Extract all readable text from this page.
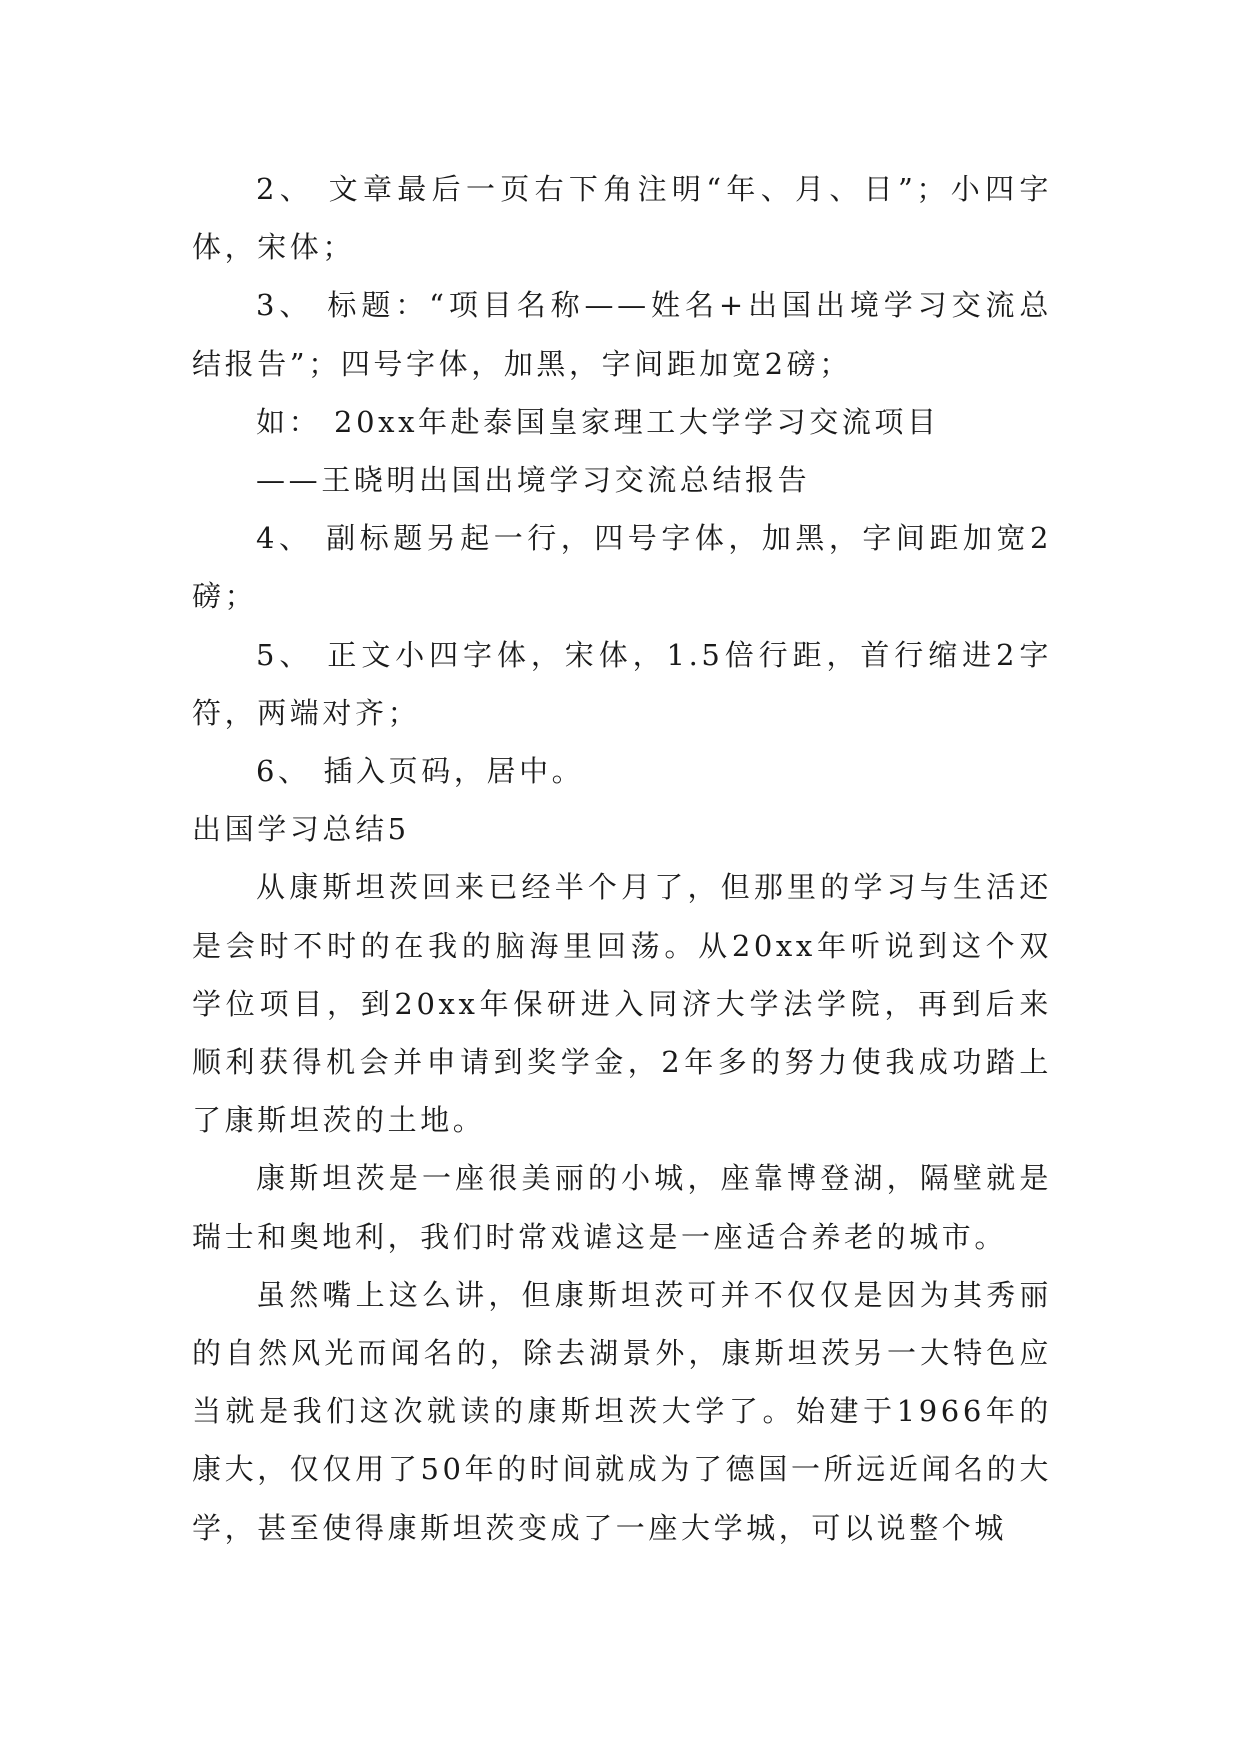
2、 文章最后一页右下角注明“年、月、日”；小四字体，宋体；

3、 标题：“项目名称——姓名+出国出境学习交流总结报告”；四号字体，加黑，字间距加宽2磅；

如： 20xx年赴泰国皇家理工大学学习交流项目

——王晓明出国出境学习交流总结报告

4、 副标题另起一行，四号字体，加黑，字间距加宽2磅；

5、 正文小四字体，宋体，1.5倍行距，首行缩进2字符，两端对齐；

6、 插入页码，居中。

出国学习总结5

从康斯坦茨回来已经半个月了，但那里的学习与生活还是会时不时的在我的脑海里回荡。从20xx年听说到这个双学位项目，到20xx年保研进入同济大学法学院，再到后来顺利获得机会并申请到奖学金，2年多的努力使我成功踏上了康斯坦茨的土地。

康斯坦茨是一座很美丽的小城，座靠博登湖，隔壁就是瑞士和奥地利，我们时常戏谑这是一座适合养老的城市。

虽然嘴上这么讲，但康斯坦茨可并不仅仅是因为其秀丽的自然风光而闻名的，除去湖景外，康斯坦茨另一大特色应当就是我们这次就读的康斯坦茨大学了。始建于1966年的康大，仅仅用了50年的时间就成为了德国一所远近闻名的大学，甚至使得康斯坦茨变成了一座大学城，可以说整个城
